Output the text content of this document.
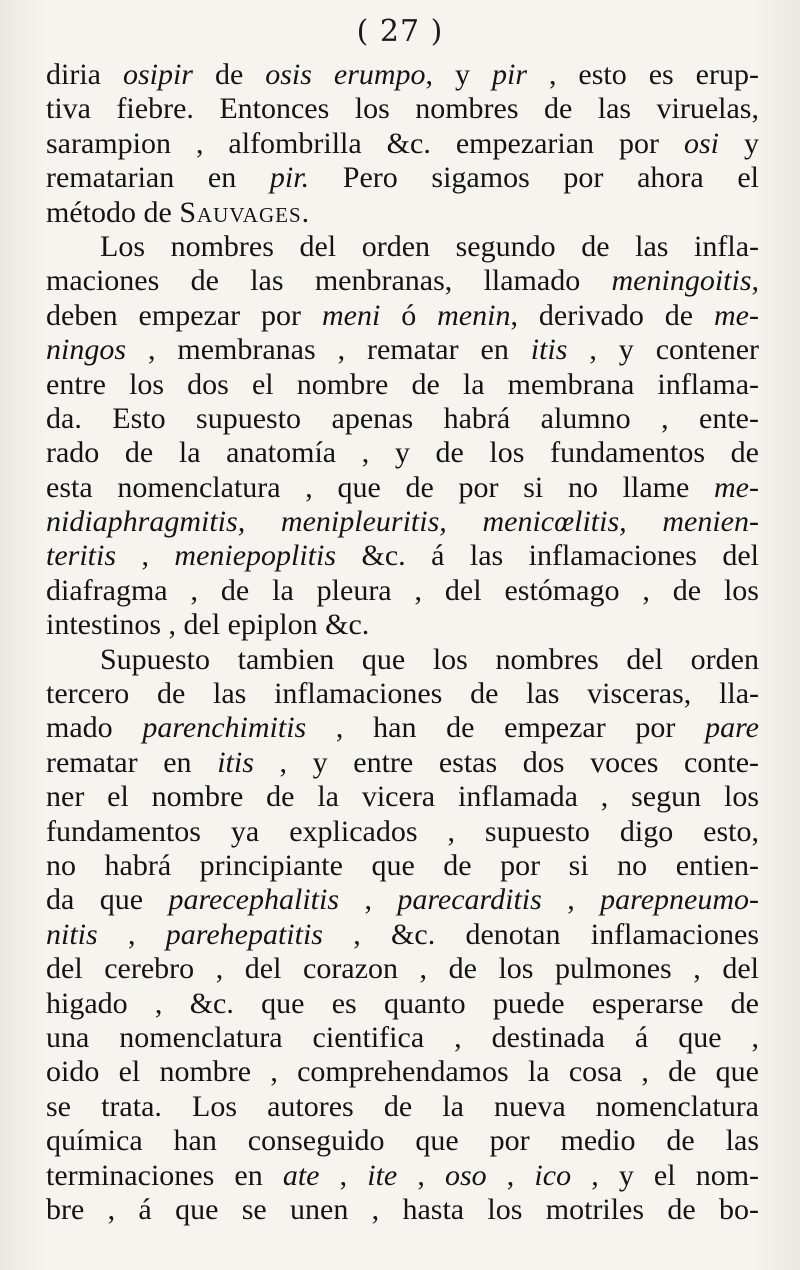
( 27 )
diria osipir de osis erumpo, y pir , esto es erup-
tiva fiebre. Entonces los nombres de las viruelas,
sarampion , alfombrilla &c. empezarian por osi y
rematarian en pir. Pero sigamos por ahora el
método de Sauvages.
Los nombres del orden segundo de las infla-
maciones de las menbranas, llamado meningoitis,
deben empezar por meni ó menin, derivado de me-
ningos , membranas , rematar en itis , y contener
entre los dos el nombre de la membrana inflama-
da. Esto supuesto apenas habrá alumno , ente-
rado de la anatomía , y de los fundamentos de
esta nomenclatura , que de por si no llame me-
nidiaphragmitis, menipleuritis, menicœlitis, menien-
teritis , meniepoplitis &c. á las inflamaciones del
diafragma , de la pleura , del estómago , de los
intestinos , del epiplon &c.
Supuesto tambien que los nombres del orden
tercero de las inflamaciones de las visceras, lla-
mado parenchimitis , han de empezar por pare
rematar en itis , y entre estas dos voces conte-
ner el nombre de la vicera inflamada , segun los
fundamentos ya explicados , supuesto digo esto,
no habrá principiante que de por si no entien-
da que parecephalitis , parecarditis , parepneumo-
nitis , parehepatitis , &c. denotan inflamaciones
del cerebro , del corazon , de los pulmones , del
higado , &c. que es quanto puede esperarse de
una nomenclatura cientifica , destinada á que ,
oido el nombre , comprehendamos la cosa , de que
se trata. Los autores de la nueva nomenclatura
química han conseguido que por medio de las
terminaciones en ate , ite , oso , ico , y el nom-
bre , á que se unen , hasta los motriles de bo-
